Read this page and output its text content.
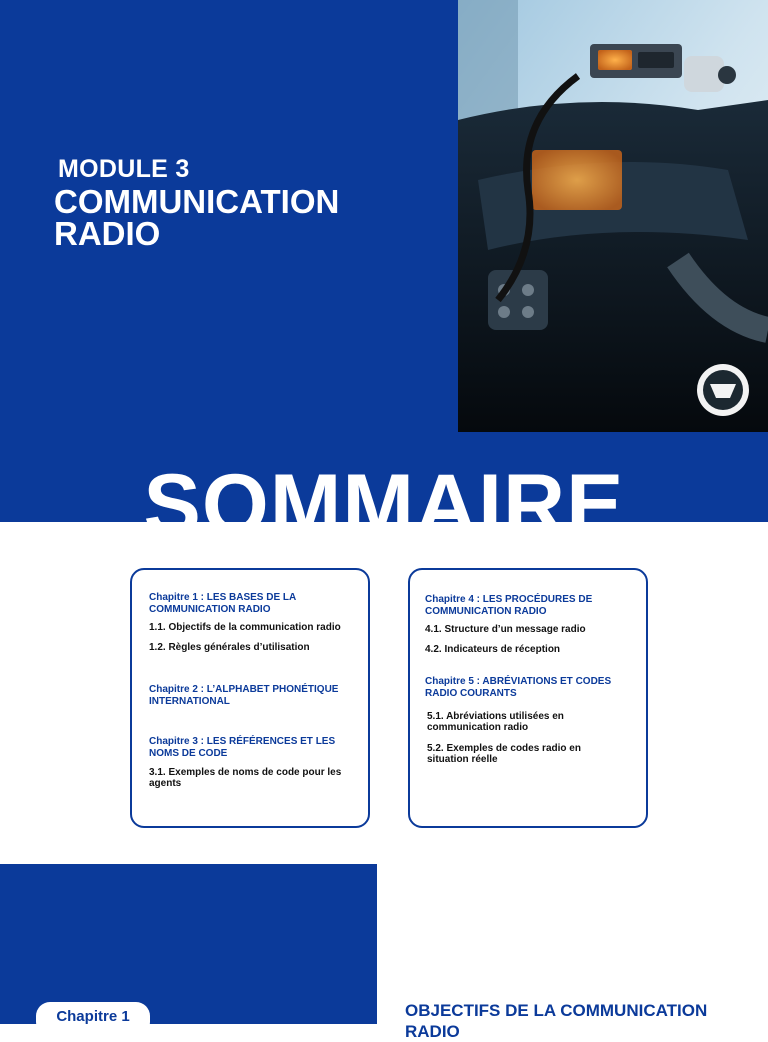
MODULE 3
COMMUNICATION RADIO
SOMMAIRE
Chapitre 1 : LES BASES DE LA COMMUNICATION RADIO
1.1. Objectifs de la communication radio
1.2. Règles générales d’utilisation
Chapitre 2 : L’ALPHABET PHONÉTIQUE INTERNATIONAL
Chapitre 3 : LES RÉFÉRENCES ET LES NOMS DE CODE
3.1. Exemples de noms de code pour les agents
Chapitre 4 : LES PROCÉDURES DE COMMUNICATION RADIO
4.1. Structure d’un message radio
4.2. Indicateurs de réception
Chapitre 5 : ABRÉVIATIONS ET CODES RADIO COURANTS
5.1. Abréviations utilisées en communication radio
5.2. Exemples de codes radio en situation réelle
Chapitre 1	OBJECTIFS DE LA COMMUNICATION RADIO
